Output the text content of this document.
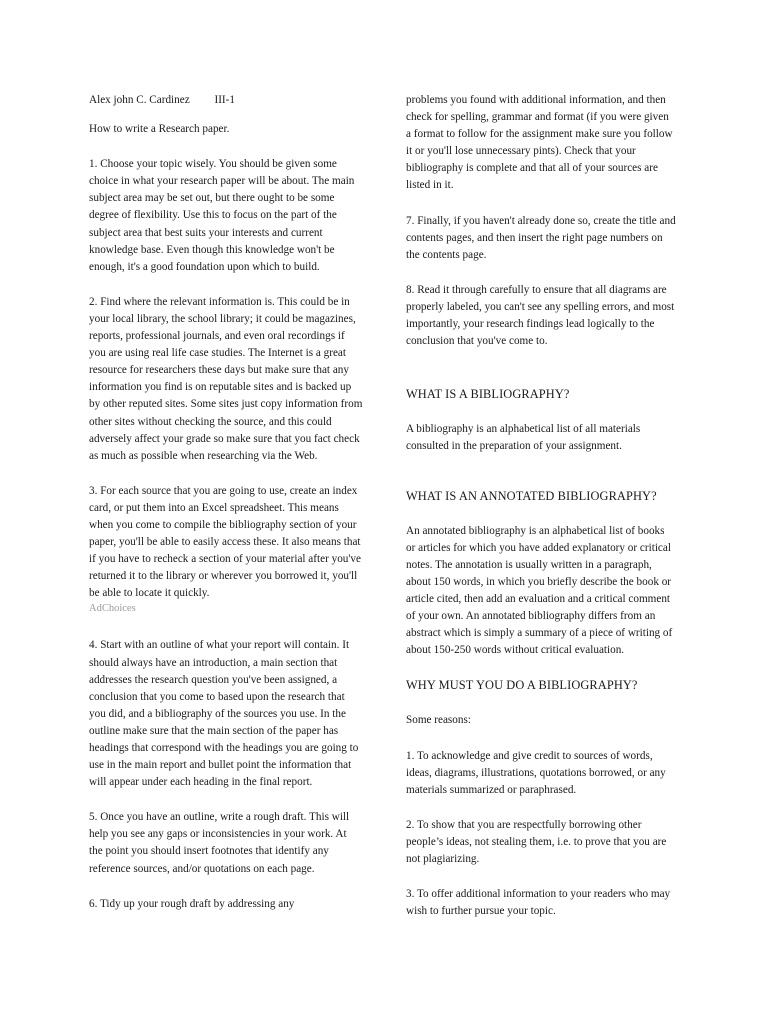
Alex john C. Cardinez III-1

How to write a Research paper.

1. Choose your topic wisely. You should be given some choice in what your research paper will be about. The main subject area may be set out, but there ought to be some degree of flexibility. Use this to focus on the part of the subject area that best suits your interests and current knowledge base. Even though this knowledge won't be enough, it's a good foundation upon which to build.

2. Find where the relevant information is. This could be in your local library, the school library; it could be magazines, reports, professional journals, and even oral recordings if you are using real life case studies. The Internet is a great resource for researchers these days but make sure that any information you find is on reputable sites and is backed up by other reputed sites. Some sites just copy information from other sites without checking the source, and this could adversely affect your grade so make sure that you fact check as much as possible when researching via the Web.

3. For each source that you are going to use, create an index card, or put them into an Excel spreadsheet. This means when you come to compile the bibliography section of your paper, you'll be able to easily access these. It also means that if you have to recheck a section of your material after you've returned it to the library or wherever you borrowed it, you'll be able to locate it quickly.

AdChoices

4. Start with an outline of what your report will contain. It should always have an introduction, a main section that addresses the research question you've been assigned, a conclusion that you come to based upon the research that you did, and a bibliography of the sources you use. In the outline make sure that the main section of the paper has headings that correspond with the headings you are going to use in the main report and bullet point the information that will appear under each heading in the final report.

5. Once you have an outline, write a rough draft. This will help you see any gaps or inconsistencies in your work. At the point you should insert footnotes that identify any reference sources, and/or quotations on each page.

6. Tidy up your rough draft by addressing any

problems you found with additional information, and then check for spelling, grammar and format (if you were given a format to follow for the assignment make sure you follow it or you'll lose unnecessary pints). Check that your bibliography is complete and that all of your sources are listed in it.

7. Finally, if you haven't already done so, create the title and contents pages, and then insert the right page numbers on the contents page.

8. Read it through carefully to ensure that all diagrams are properly labeled, you can't see any spelling errors, and most importantly, your research findings lead logically to the conclusion that you've come to.

WHAT IS A BIBLIOGRAPHY?

A bibliography is an alphabetical list of all materials consulted in the preparation of your assignment.

WHAT IS AN ANNOTATED BIBLIOGRAPHY?

An annotated bibliography is an alphabetical list of books or articles for which you have added explanatory or critical notes. The annotation is usually written in a paragraph, about 150 words, in which you briefly describe the book or article cited, then add an evaluation and a critical comment of your own. An annotated bibliography differs from an abstract which is simply a summary of a piece of writing of about 150-250 words without critical evaluation.

WHY MUST YOU DO A BIBLIOGRAPHY?

Some reasons:

1. To acknowledge and give credit to sources of words, ideas, diagrams, illustrations, quotations borrowed, or any materials summarized or paraphrased.

2. To show that you are respectfully borrowing other people’s ideas, not stealing them, i.e. to prove that you are not plagiarizing.

3. To offer additional information to your readers who may wish to further pursue your topic.
